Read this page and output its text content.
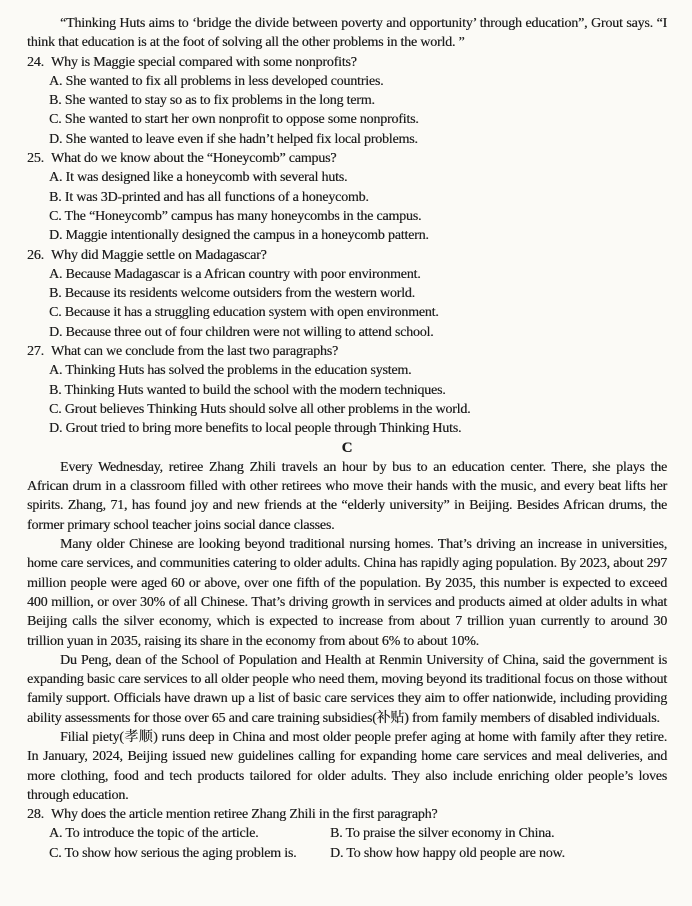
“Thinking Huts aims to ‘bridge the divide between poverty and opportunity’ through education”, Grout says. “I think that education is at the foot of solving all the other problems in the world. ”

24. Why is Maggie special compared with some nonprofits?
A. She wanted to fix all problems in less developed countries.
B. She wanted to stay so as to fix problems in the long term.
C. She wanted to start her own nonprofit to oppose some nonprofits.
D. She wanted to leave even if she hadn’t helped fix local problems.
25. What do we know about the “Honeycomb” campus?
A. It was designed like a honeycomb with several huts.
B. It was 3D-printed and has all functions of a honeycomb.
C. The “Honeycomb” campus has many honeycombs in the campus.
D. Maggie intentionally designed the campus in a honeycomb pattern.
26. Why did Maggie settle on Madagascar?
A. Because Madagascar is a African country with poor environment.
B. Because its residents welcome outsiders from the western world.
C. Because it has a struggling education system with open environment.
D. Because three out of four children were not willing to attend school.
27. What can we conclude from the last two paragraphs?
A. Thinking Huts has solved the problems in the education system.
B. Thinking Huts wanted to build the school with the modern techniques.
C. Grout believes Thinking Huts should solve all other problems in the world.
D. Grout tried to bring more benefits to local people through Thinking Huts.
C

Every Wednesday, retiree Zhang Zhili travels an hour by bus to an education center. There, she plays the African drum in a classroom filled with other retirees who move their hands with the music, and every beat lifts her spirits. Zhang, 71, has found joy and new friends at the “elderly university” in Beijing. Besides African drums, the former primary school teacher joins social dance classes.

Many older Chinese are looking beyond traditional nursing homes. That’s driving an increase in universities, home care services, and communities catering to older adults. China has rapidly aging population. By 2023, about 297 million people were aged 60 or above, over one fifth of the population. By 2035, this number is expected to exceed 400 million, or over 30% of all Chinese. That’s driving growth in services and products aimed at older adults in what Beijing calls the silver economy, which is expected to increase from about 7 trillion yuan currently to around 30 trillion yuan in 2035, raising its share in the economy from about 6% to about 10%.

Du Peng, dean of the School of Population and Health at Renmin University of China, said the government is expanding basic care services to all older people who need them, moving beyond its traditional focus on those without family support. Officials have drawn up a list of basic care services they aim to offer nationwide, including providing ability assessments for those over 65 and care training subsidies(补贴) from family members of disabled individuals.

Filial piety(孝顺) runs deep in China and most older people prefer aging at home with family after they retire. In January, 2024, Beijing issued new guidelines calling for expanding home care services and meal deliveries, and more clothing, food and tech products tailored for older adults. They also include enriching older people’s loves through education.

28. Why does the article mention retiree Zhang Zhili in the first paragraph?
A. To introduce the topic of the article.	B. To praise the silver economy in China.
C. To show how serious the aging problem is.	D. To show how happy old people are now.
